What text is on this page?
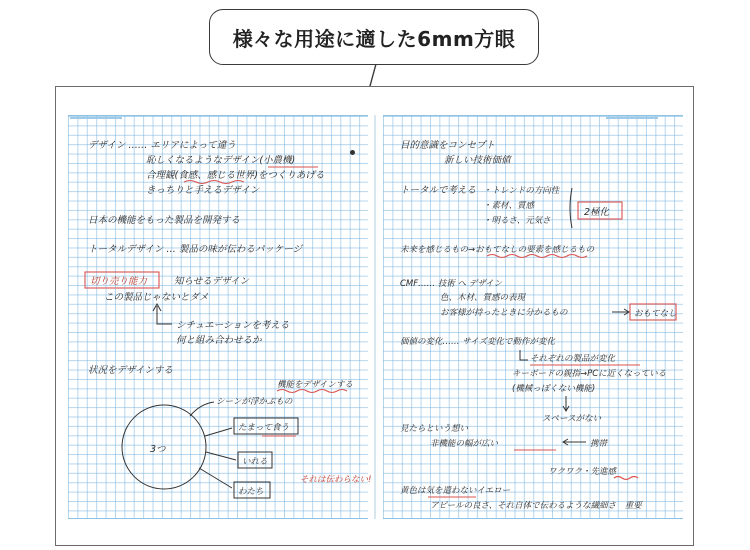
様々な用途に適した6mm方眼
デザイン …… エリアによって違う
恥しくなるようなデザイン(小農機)
合理観(食感、感じる世界)をつくりあげる
きっちりと手えるデザイン
日本の機能をもった製品を開発する
トータルデザイン … 製品の味が伝わるパッケージ
切り売り能力	知らせるデザイン
この製品じゃないとダメ
シチュエーションを考える
何と組み合わせるか
状況をデザインする
機能をデザインする
3つ
シーンが浮かぶもの
たまって食う
いれる
わたち
それは伝わらない!
目的意識をコンセプト
新しい技術価値
トータルで考える ・トレンドの方向性
・素材、質感
・明るさ、元気さ
2極化
未来を感じるもの→おもてなしの要素を感じるもの
CMF…… 技術 へ デザイン
色、木材、質感の表現
お客様が持ったときに分かるもの	おもてなし
価値の変化…… サイズ変化で動作が変化
それぞれの製品が変化
キーボードの親指→PCに近くなっている
(機械っぽくない機能)
スペースがない
見たらという想い
非機能の幅が広い	携帯
ワクワク・先進感
黄色は気を遣わないイエロー
アピールの良さ、それ自体で伝わるような繊細さ　重要
